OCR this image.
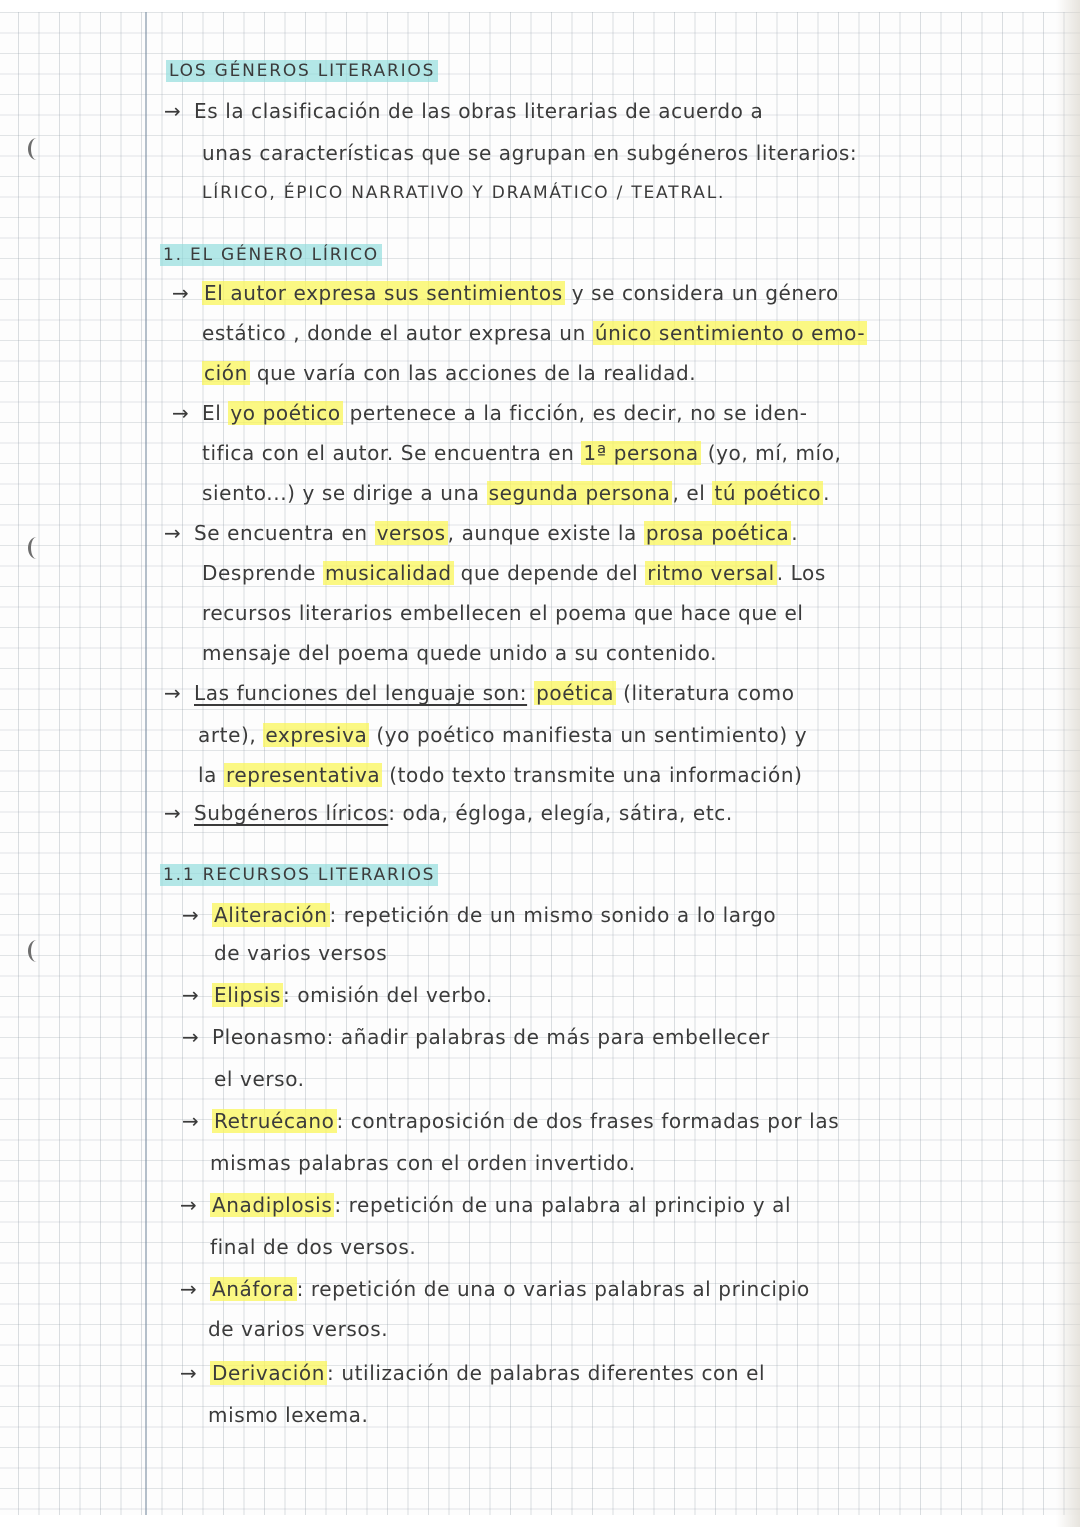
LOS GÉNEROS LITERARIOS
→ Es la clasificación de las obras literarias de acuerdo a
unas características que se agrupan en subgéneros literarios:
LÍRICO, ÉPICO NARRATIVO Y DRAMÁTICO / TEATRAL.
1. EL GÉNERO LÍRICO
→ El autor expresa sus sentimientos y se considera un género
estático , donde el autor expresa un único sentimiento o emo-
ción que varía con las acciones de la realidad.
→ El yo poético pertenece a la ficción, es decir, no se iden-
tifica con el autor. Se encuentra en 1ª persona (yo, mí, mío,
siento...) y se dirige a una segunda persona , el tú poético .
→ Se encuentra en versos , aunque existe la prosa poética .
Desprende musicalidad que depende del ritmo versal . Los
recursos literarios embellecen el poema que hace que el
mensaje del poema quede unido a su contenido.
→ Las funciones del lenguaje son: poética (literatura como
arte), expresiva (yo poético manifiesta un sentimiento) y
la representativa (todo texto transmite una información)
→ Subgéneros líricos: oda, égloga, elegía, sátira, etc.
1.1 RECURSOS LITERARIOS
→ Aliteración : repetición de un mismo sonido a lo largo
de varios versos
→ Elipsis : omisión del verbo.
→ Pleonasmo: añadir palabras de más para embellecer
el verso.
→ Retruécano : contraposición de dos frases formadas por las
mismas palabras con el orden invertido.
→ Anadiplosis : repetición de una palabra al principio y al
final de dos versos.
→ Anáfora : repetición de una o varias palabras al principio
de varios versos.
→ Derivación : utilización de palabras diferentes con el
mismo lexema.
